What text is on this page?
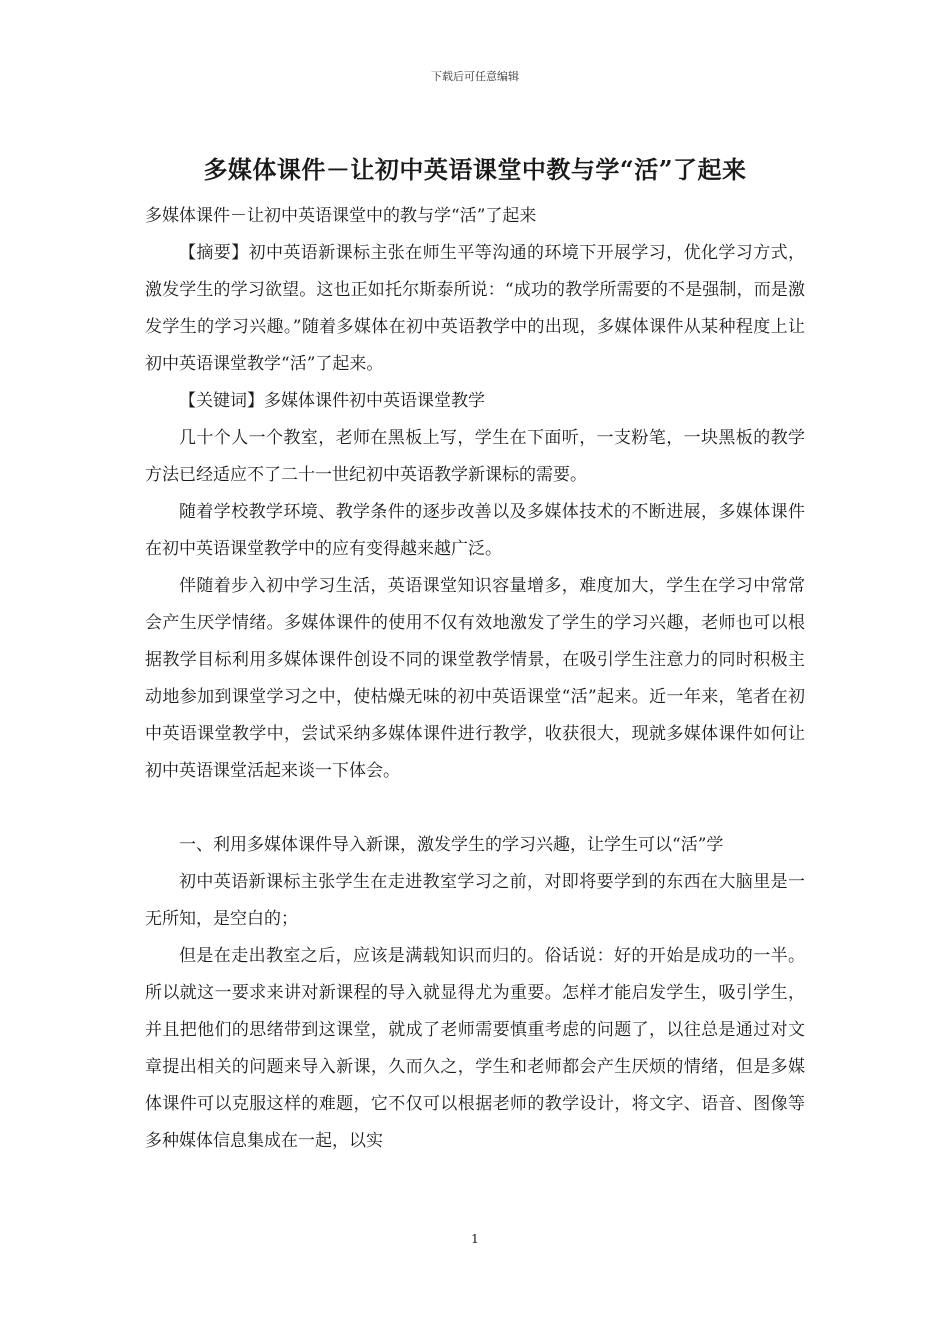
下载后可任意编辑
多媒体课件－让初中英语课堂中教与学“活”了起来

多媒体课件－让初中英语课堂中的教与学“活”了起来

【摘要】初中英语新课标主张在师生平等沟通的环境下开展学习，优化学习方式，激发学生的学习欲望。这也正如托尔斯泰所说：“成功的教学所需要的不是强制，而是激发学生的学习兴趣。”随着多媒体在初中英语教学中的出现，多媒体课件从某种程度上让初中英语课堂教学“活”了起来。

【关键词】多媒体课件初中英语课堂教学

几十个人一个教室，老师在黑板上写，学生在下面听，一支粉笔，一块黑板的教学方法已经适应不了二十一世纪初中英语教学新课标的需要。

随着学校教学环境、教学条件的逐步改善以及多媒体技术的不断进展，多媒体课件在初中英语课堂教学中的应有变得越来越广泛。

伴随着步入初中学习生活，英语课堂知识容量增多，难度加大，学生在学习中常常会产生厌学情绪。多媒体课件的使用不仅有效地激发了学生的学习兴趣，老师也可以根据教学目标利用多媒体课件创设不同的课堂教学情景，在吸引学生注意力的同时积极主动地参加到课堂学习之中，使枯燥无味的初中英语课堂“活”起来。近一年来，笔者在初中英语课堂教学中，尝试采纳多媒体课件进行教学，收获很大，现就多媒体课件如何让初中英语课堂活起来谈一下体会。

一、利用多媒体课件导入新课，激发学生的学习兴趣，让学生可以“活”学

初中英语新课标主张学生在走进教室学习之前，对即将要学到的东西在大脑里是一无所知，是空白的；

但是在走出教室之后，应该是满载知识而归的。俗话说：好的开始是成功的一半。所以就这一要求来讲对新课程的导入就显得尤为重要。怎样才能启发学生，吸引学生，并且把他们的思绪带到这课堂，就成了老师需要慎重考虑的问题了，以往总是通过对文章提出相关的问题来导入新课，久而久之，学生和老师都会产生厌烦的情绪，但是多媒体课件可以克服这样的难题，它不仅可以根据老师的教学设计，将文字、语音、图像等多种媒体信息集成在一起，以实

1
